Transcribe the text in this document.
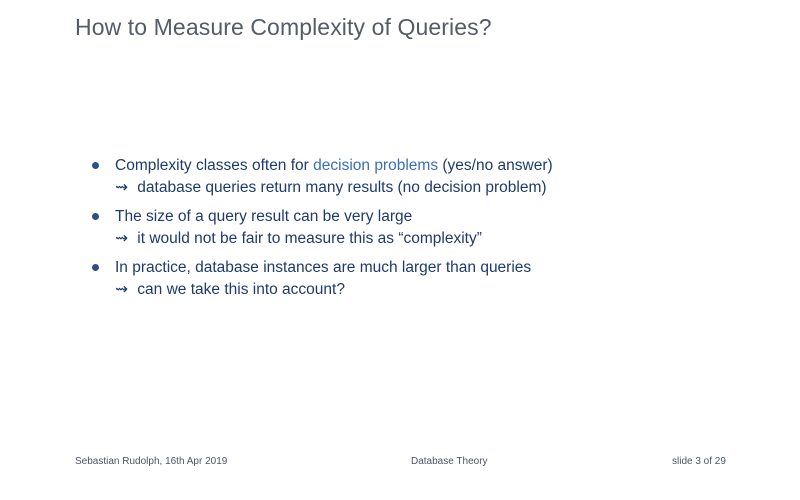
How to Measure Complexity of Queries?
Complexity classes often for decision problems (yes/no answer)
⇝ database queries return many results (no decision problem)
The size of a query result can be very large
⇝ it would not be fair to measure this as “complexity”
In practice, database instances are much larger than queries
⇝ can we take this into account?
Sebastian Rudolph, 16th Apr 2019	Database Theory	slide 3 of 29
